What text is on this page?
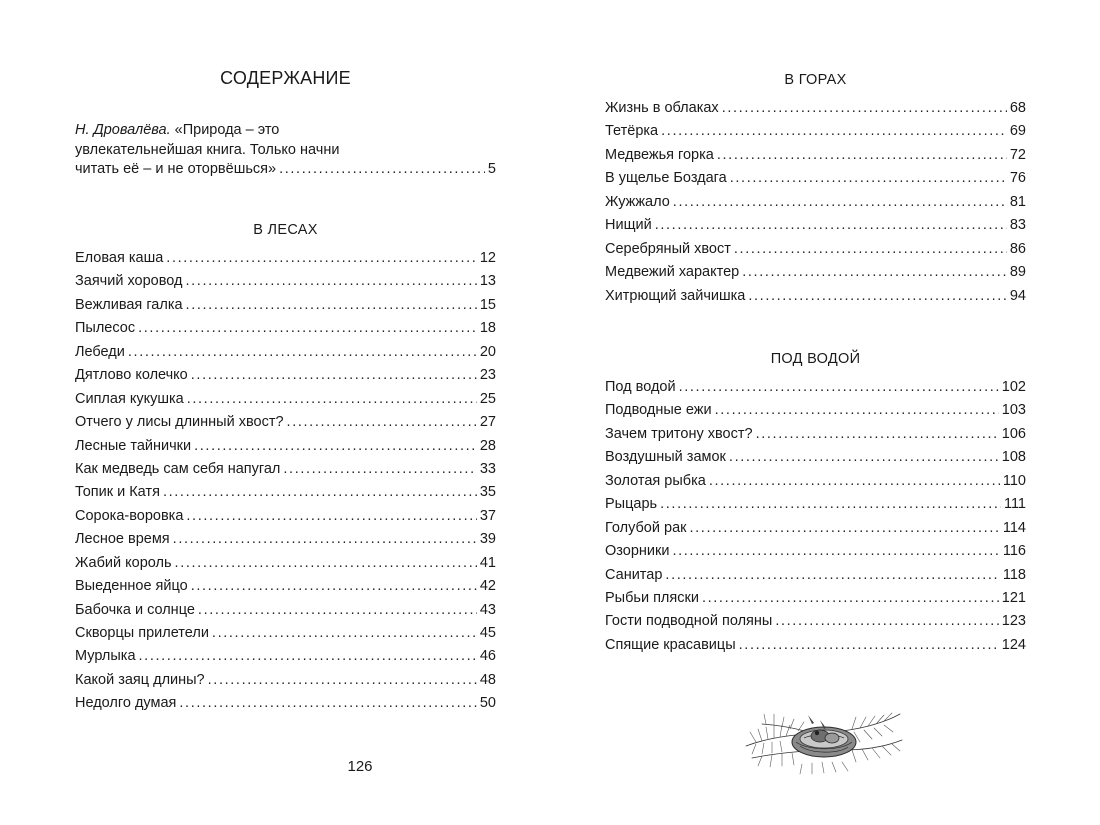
СОДЕРЖАНИЕ
Н. Дровалёва. «Природа – это
увлекательнейшая книга. Только начни
читать её – и не оторвёшься» . . .	5
В ЛЕСАХ
Еловая каша . . .	12
Заячий хоровод . . .	13
Вежливая галка . . .	15
Пылесос . . .	18
Лебеди . . .	20
Дятлово колечко . . .	23
Сиплая кукушка . . .	25
Отчего у лисы длинный хвост? . . .	27
Лесные тайнички . . .	28
Как медведь сам себя напугал . . .	33
Топик и Катя . . .	35
Сорока-воровка . . .	37
Лесное время . . .	39
Жабий король . . .	41
Выеденное яйцо . . .	42
Бабочка и солнце . . .	43
Скворцы прилетели . . .	45
Мурлыка . . .	46
Какой заяц длины? . . .	48
Недолго думая . . .	50
126
В ГОРАХ
Жизнь в облаках . . .	68
Тетёрка . . .	69
Медвежья горка . . .	72
В ущелье Боздага . . .	76
Жужжало . . .	81
Нищий . . .	83
Серебряный хвост . . .	86
Медвежий характер . . .	89
Хитрющий зайчишка . . .	94
ПОД ВОДОЙ
Под водой . . .	102
Подводные ежи . . .	103
Зачем тритону хвост? . . .	106
Воздушный замок . . .	108
Золотая рыбка . . .	110
Рыцарь . . .	111
Голубой рак . . .	114
Озорники . . .	116
Санитар . . .	118
Рыбьи пляски . . .	121
Гости подводной поляны . . .	123
Спящие красавицы . . .	124
